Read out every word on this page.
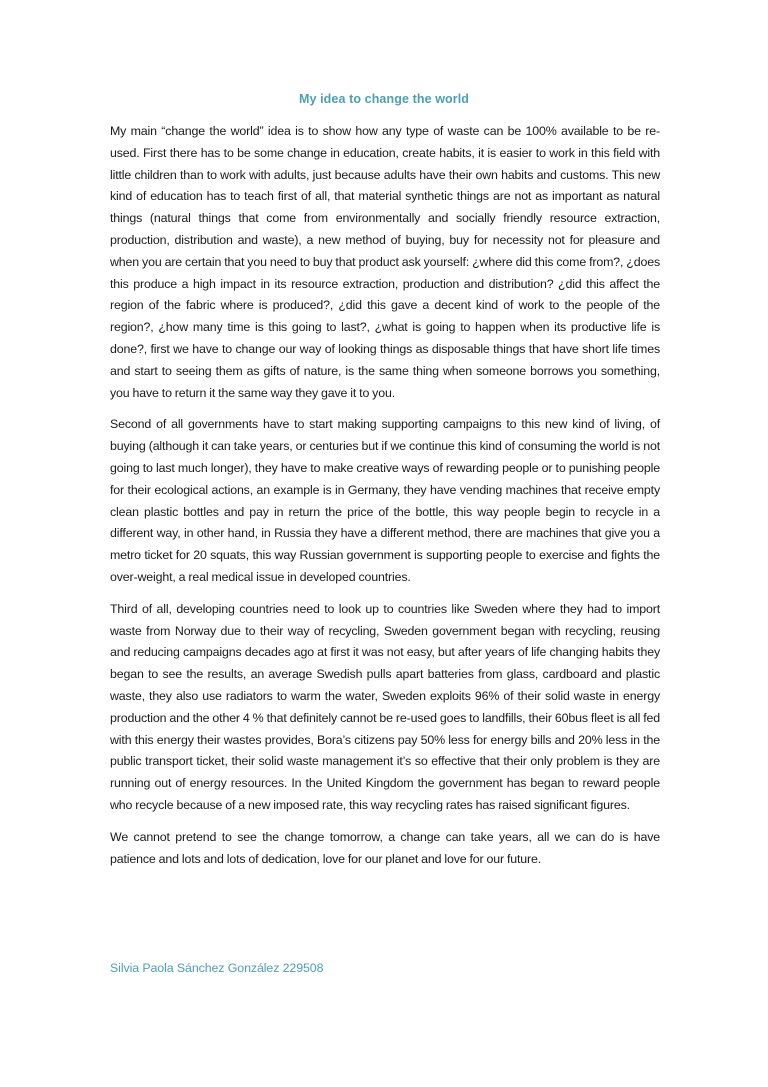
My idea to change the world

My main “change the world” idea is to show how any type of waste can be 100% available to be re-used. First there has to be some change in education, create habits, it is easier to work in this field with little children than to work with adults, just because adults have their own habits and customs. This new kind of education has to teach first of all, that material synthetic things are not as important as natural things (natural things that come from environmentally and socially friendly resource extraction, production, distribution and waste), a new method of buying, buy for necessity not for pleasure and when you are certain that you need to buy that product ask yourself: ¿where did this come from?, ¿does this produce a high impact in its resource extraction, production and distribution? ¿did this affect the region of the fabric where is produced?, ¿did this gave a decent kind of work to the people of the region?, ¿how many time is this going to last?, ¿what is going to happen when its productive life is done?, first we have to change our way of looking things as disposable things that have short life times and start to seeing them as gifts of nature, is the same thing when someone borrows you something, you have to return it the same way they gave it to you.

Second of all governments have to start making supporting campaigns to this new kind of living, of buying (although it can take years, or centuries but if we continue this kind of consuming the world is not going to last much longer), they have to make creative ways of rewarding people or to punishing people for their ecological actions, an example is in Germany, they have vending machines that receive empty clean plastic bottles and pay in return the price of the bottle, this way people begin to recycle in a different way, in other hand, in Russia they have a different method, there are machines that give you a metro ticket for 20 squats, this way Russian government is supporting people to exercise and fights the over-weight, a real medical issue in developed countries.

Third of all, developing countries need to look up to countries like Sweden where they had to import waste from Norway due to their way of recycling, Sweden government began with recycling, reusing and reducing campaigns decades ago at first it was not easy, but after years of life changing habits they began to see the results, an average Swedish pulls apart batteries from glass, cardboard and plastic waste, they also use radiators to warm the water, Sweden exploits 96% of their solid waste in energy production and the other 4 % that definitely cannot be re-used goes to landfills, their 60bus fleet is all fed with this energy their wastes provides, Bora’s citizens pay 50% less for energy bills and 20% less in the public transport ticket, their solid waste management it’s so effective that their only problem is they are running out of energy resources. In the United Kingdom the government has began to reward people who recycle because of a new imposed rate, this way recycling rates has raised significant figures.

We cannot pretend to see the change tomorrow, a change can take years, all we can do is have patience and lots and lots of dedication, love for our planet and love for our future.

Silvia Paola Sánchez González 229508
